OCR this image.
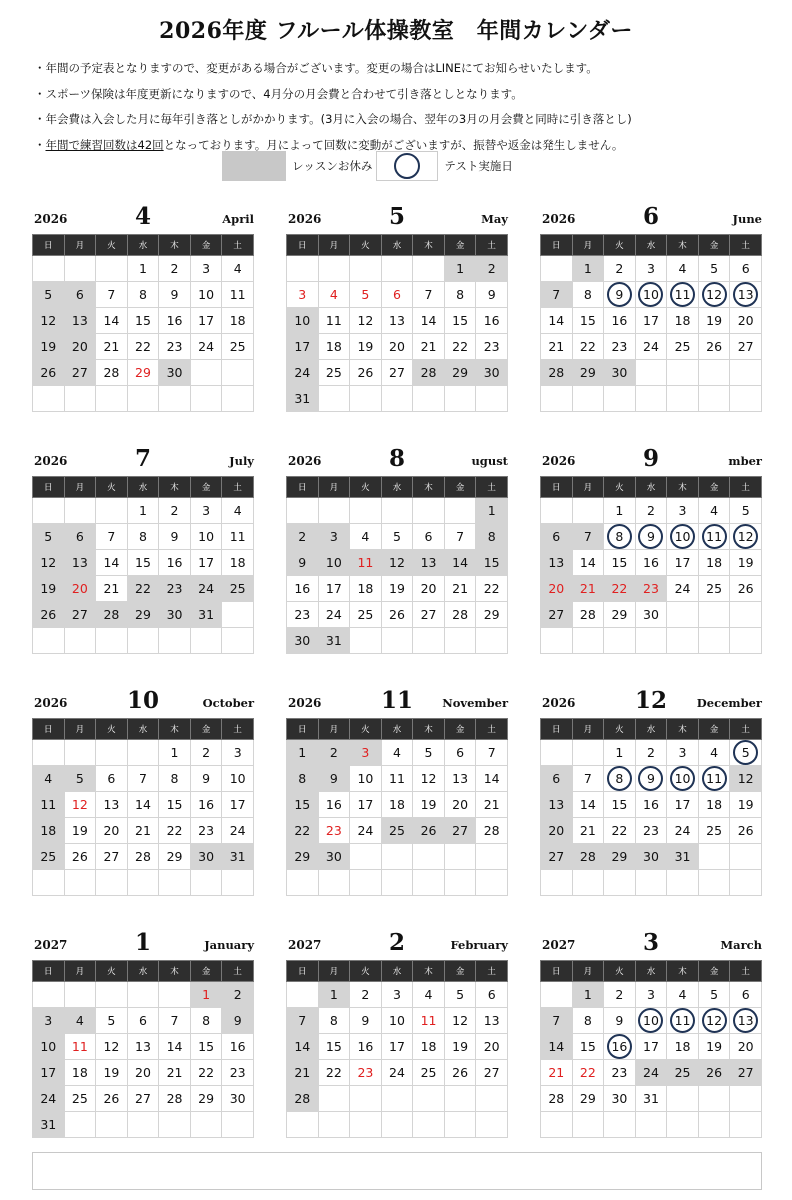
2026年度 フルール体操教室　年間カレンダー
・年間の予定表となりますので、変更がある場合がございます。変更の場合はLINEにてお知らせいたします。
・スポーツ保険は年度更新になりますので、4月分の月会費と合わせて引き落としとなります。
・年会費は入会した月に毎年引き落としがかかります。(3月に入会の場合、翌年の3月の月会費と同時に引き落とし)
・年間で練習回数は42回となっております。月によって回数に変動がございますが、振替や返金は発生しません。
レッスンお休み	テスト実施日
2026	4	April
日	月	火	水	木	金	土
			1	2	3	4
5	6	7	8	9	10	11
12	13	14	15	16	17	18
19	20	21	22	23	24	25
26	27	28	29	30		

2026	5	May
日	月	火	水	木	金	土
					1	2
3	4	5	6	7	8	9
10	11	12	13	14	15	16
17	18	19	20	21	22	23
24	25	26	27	28	29	30
31						
2026	6	June
日	月	火	水	木	金	土
	1	2	3	4	5	6
7	8	9	10	11	12	13
14	15	16	17	18	19	20
21	22	23	24	25	26	27
28	29	30				

2026	7	July
日	月	火	水	木	金	土
			1	2	3	4
5	6	7	8	9	10	11
12	13	14	15	16	17	18
19	20	21	22	23	24	25
26	27	28	29	30	31	

2026	8	ugust
日	月	火	水	木	金	土
						1
2	3	4	5	6	7	8
9	10	11	12	13	14	15
16	17	18	19	20	21	22
23	24	25	26	27	28	29
30	31					
2026	9	mber
日	月	火	水	木	金	土
		1	2	3	4	5
6	7	8	9	10	11	12
13	14	15	16	17	18	19
20	21	22	23	24	25	26
27	28	29	30			

2026	10	October
日	月	火	水	木	金	土
				1	2	3
4	5	6	7	8	9	10
11	12	13	14	15	16	17
18	19	20	21	22	23	24
25	26	27	28	29	30	31

2026	11	November
日	月	火	水	木	金	土
1	2	3	4	5	6	7
8	9	10	11	12	13	14
15	16	17	18	19	20	21
22	23	24	25	26	27	28
29	30					

2026	12	December
日	月	火	水	木	金	土
		1	2	3	4	5
6	7	8	9	10	11	12
13	14	15	16	17	18	19
20	21	22	23	24	25	26
27	28	29	30	31		

2027	1	January
日	月	火	水	木	金	土
					1	2
3	4	5	6	7	8	9
10	11	12	13	14	15	16
17	18	19	20	21	22	23
24	25	26	27	28	29	30
31						
2027	2	February
日	月	火	水	木	金	土
	1	2	3	4	5	6
7	8	9	10	11	12	13
14	15	16	17	18	19	20
21	22	23	24	25	26	27
28						

2027	3	March
日	月	火	水	木	金	土
	1	2	3	4	5	6
7	8	9	10	11	12	13
14	15	16	17	18	19	20
21	22	23	24	25	26	27
28	29	30	31			
